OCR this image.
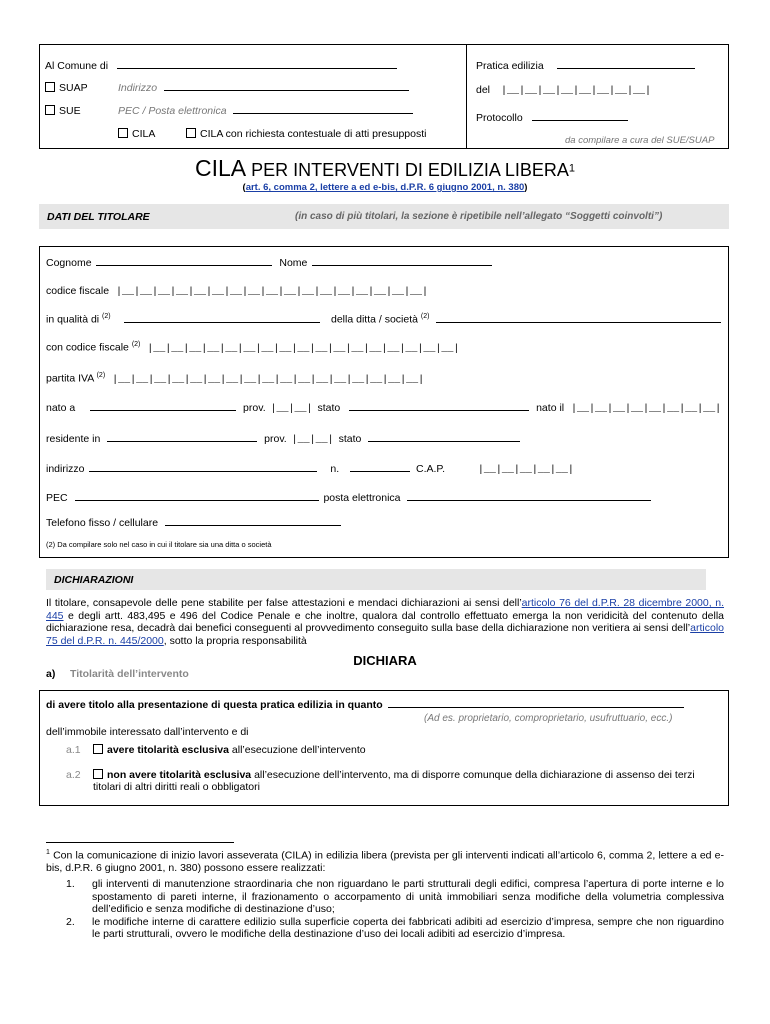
Al Comune di
SUAP	Indirizzo
SUE	PEC / Posta elettronica
CILA	CILA con richiesta contestuale di atti presupposti
Pratica edilizia
del |__|__|__|__|__|__|__|__|
Protocollo
da compilare a cura del SUE/SUAP
CILA PER INTERVENTI DI EDILIZIA LIBERA$^1$
(art. 6, comma 2, lettere a ed e-bis, d.P.R. 6 giugno 2001, n. 380)
DATI DEL TITOLARE	(in caso di più titolari, la sezione è ripetibile nell’allegato “Soggetti coinvolti”)
Cognome	Nome
codice fiscale |__|__|__|__|__|__|__|__|__|__|__|__|__|__|__|__|__|
in qualità di $^{(2)}$	della ditta / società $^{(2)}$
con codice fiscale $^{(2)}$ |__|__|__|__|__|__|__|__|__|__|__|__|__|__|__|__|__|
partita IVA $^{(2)}$ |__|__|__|__|__|__|__|__|__|__|__|__|__|__|__|__|__|
nato a	prov. |__|__| stato	nato il |__|__|__|__|__|__|__|__|
residente in	prov. |__|__| stato
indirizzo	n.	C.A.P.	|__|__|__|__|__|
PEC	posta elettronica
Telefono fisso / cellulare
(2) Da compilare solo nel caso in cui il titolare sia una ditta o società
DICHIARAZIONI
Il titolare, consapevole delle pene stabilite per false attestazioni e mendaci dichiarazioni ai sensi dell’articolo 76 del d.P.R. 28 dicembre 2000, n. 445 e degli artt. 483,495 e 496 del Codice Penale e che inoltre, qualora dal controllo effettuato emerga la non veridicità del contenuto della dichiarazione resa, decadrà dai benefici conseguenti al provvedimento conseguito sulla base della dichiarazione non veritiera ai sensi dell’articolo 75 del d.P.R. n. 445/2000, sotto la propria responsabilità
DICHIARA
a) Titolarità dell’intervento
di avere titolo alla presentazione di questa pratica edilizia in quanto
(Ad es. proprietario, comproprietario, usufruttuario, ecc.)
dell’immobile interessato dall’intervento e di
a.1	avere titolarità esclusiva all’esecuzione dell’intervento
a.2	non avere titolarità esclusiva all’esecuzione dell’intervento, ma di disporre comunque della dichiarazione di assenso dei terzi titolari di altri diritti reali o obbligatori
$^1$ Con la comunicazione di inizio lavori asseverata (CILA) in edilizia libera (prevista per gli interventi indicati all’articolo 6, comma 2, lettere a ed e-bis, d.P.R. 6 giugno 2001, n. 380) possono essere realizzati:
1.	gli interventi di manutenzione straordinaria che non riguardano le parti strutturali degli edifici, compresa l’apertura di porte interne e lo spostamento di pareti interne, il frazionamento o accorpamento di unità immobiliari senza modifiche della volumetria complessiva dell’edificio e senza modifiche di destinazione d’uso;
2.	le modifiche interne di carattere edilizio sulla superficie coperta dei fabbricati adibiti ad esercizio d’impresa, sempre che non riguardino le parti strutturali, ovvero le modifiche della destinazione d’uso dei locali adibiti ad esercizio d’impresa.
